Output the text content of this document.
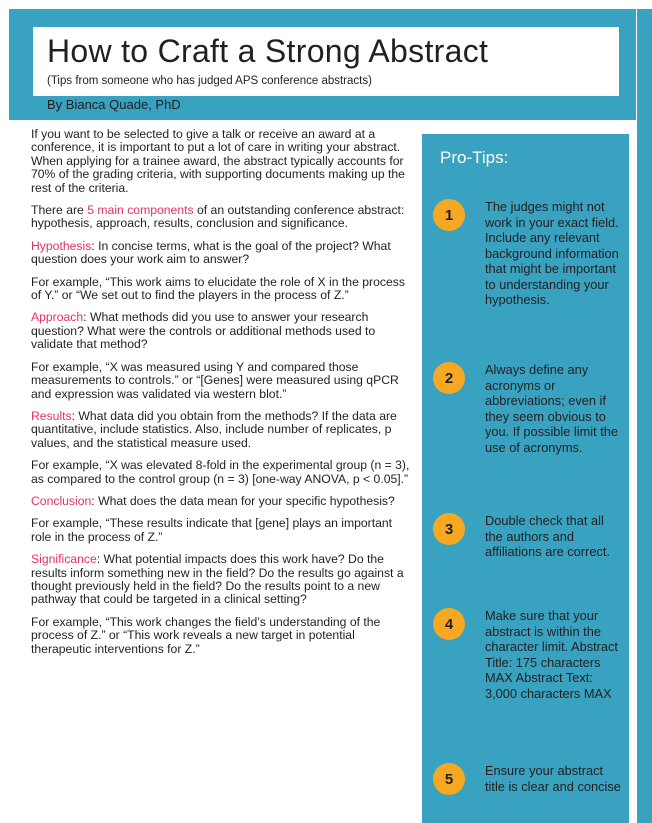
How to Craft a Strong Abstract
(Tips from someone who has judged APS conference abstracts)
By Bianca Quade, PhD

If you want to be selected to give a talk or receive an award at a conference, it is important to put a lot of care in writing your abstract. When applying for a trainee award, the abstract typically accounts for 70% of the grading criteria, with supporting documents making up the rest of the criteria.

There are 5 main components of an outstanding conference abstract: hypothesis, approach, results, conclusion and significance.

Hypothesis: In concise terms, what is the goal of the project? What question does your work aim to answer?

For example, “This work aims to elucidate the role of X in the process of Y.” or “We set out to find the players in the process of Z.”

Approach: What methods did you use to answer your research question? What were the controls or additional methods used to validate that method?

For example, “X was measured using Y and compared those measurements to controls.” or “[Genes] were measured using qPCR and expression was validated via western blot.”

Results: What data did you obtain from the methods? If the data are quantitative, include statistics. Also, include number of replicates, p values, and the statistical measure used.

For example, “X was elevated 8-fold in the experimental group (n = 3), as compared to the control group (n = 3) [one-way ANOVA, p < 0.05].”

Conclusion: What does the data mean for your specific hypothesis?

For example, “These results indicate that [gene] plays an important role in the process of Z.”

Significance: What potential impacts does this work have? Do the results inform something new in the field? Do the results go against a thought previously held in the field? Do the results point to a new pathway that could be targeted in a clinical setting?

For example, “This work changes the field’s understanding of the process of Z.” or “This work reveals a new target in potential therapeutic interventions for Z.”

Pro-Tips:
1	The judges might not work in your exact field. Include any relevant background information that might be important to understanding your hypothesis.
2	Always define any acronyms or abbreviations; even if they seem obvious to you. If possible limit the use of acronyms.
3	Double check that all the authors and affiliations are correct.
4	Make sure that your abstract is within the character limit. Abstract Title: 175 characters MAX Abstract Text: 3,000 characters MAX
5	Ensure your abstract title is clear and concise
